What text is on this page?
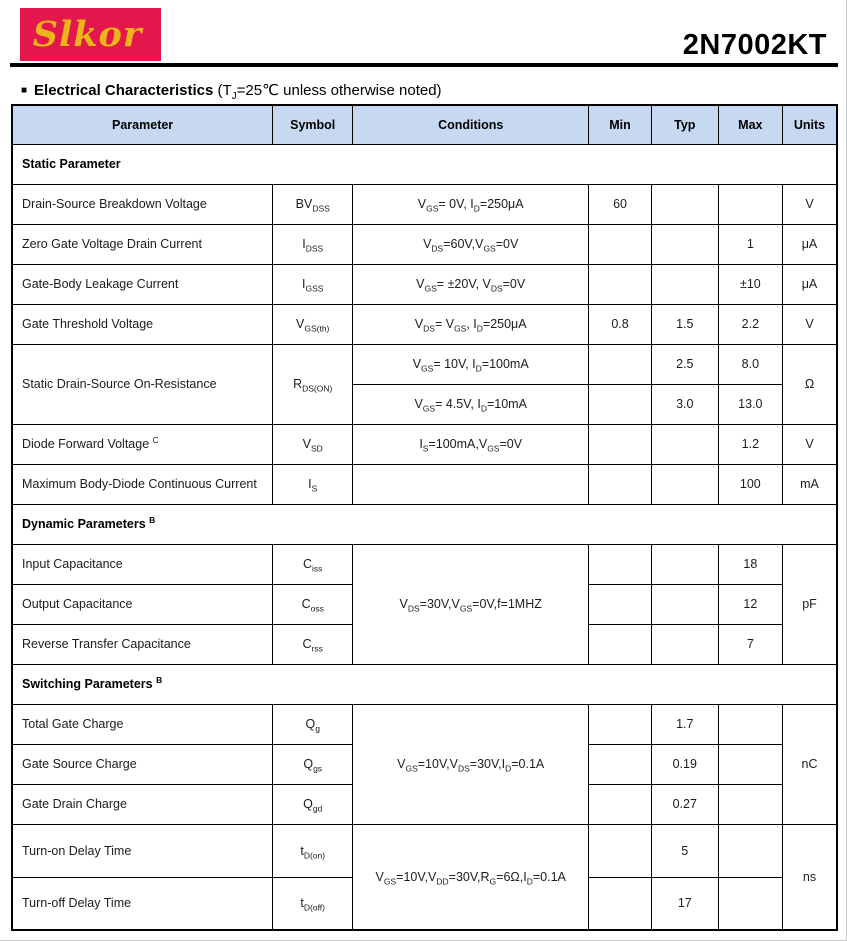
Slkor	2N7002KT
■ Electrical Characteristics ($T_J=25℃$ unless otherwise noted)
Parameter	Symbol	Conditions	Min	Typ	Max	Units
Static Parameter						
Drain-Source Breakdown Voltage	$BV_{DSS}$	$V_{GS}= 0V$, $I_D=250\mu A$	60			V
Zero Gate Voltage Drain Current	$I_{DSS}$	$V_{DS}=60V,V_{GS}=0V$			1	μA
Gate-Body Leakage Current	$I_{GSS}$	$V_{GS}= \pm 20V$, $V_{DS}=0V$			±10	μA
Gate Threshold Voltage	$V_{GS(th)}$	$V_{DS}= V_{GS}$, $I_D=250\mu A$	0.8	1.5	2.2	V
Static Drain-Source On-Resistance	$R_{DS(ON)}$	$V_{GS}= 10V$, $I_D=100mA$		2.5	8.0	Ω
		$V_{GS}= 4.5V$, $I_D=10mA$		3.0	13.0	
Diode Forward Voltage $^C$	$V_{SD}$	$I_S=100mA,V_{GS}=0V$			1.2	V
Maximum Body-Diode Continuous Current	$I_S$				100	mA
Dynamic Parameters $^B$
Input Capacitance	$C_{iss}$	$V_{DS}=30V,V_{GS}=0V,f=1MHZ$			18	pF
Output Capacitance	$C_{oss}$				12	
Reverse Transfer Capacitance	$C_{rss}$				7	
Switching Parameters $^B$
Total Gate Charge	$Q_g$	$V_{GS}=10V,V_{DS}=30V,I_D=0.1A$		1.7		nC
Gate Source Charge	$Q_{gs}$			0.19		
Gate Drain Charge	$Q_{gd}$			0.27		
Turn-on Delay Time	$t_{D(on)}$	$V_{GS}=10V,V_{DD}=30V,R_G=6\Omega,I_D=0.1A$		5		ns
Turn-off Delay Time	$t_{D(off)}$			17		
